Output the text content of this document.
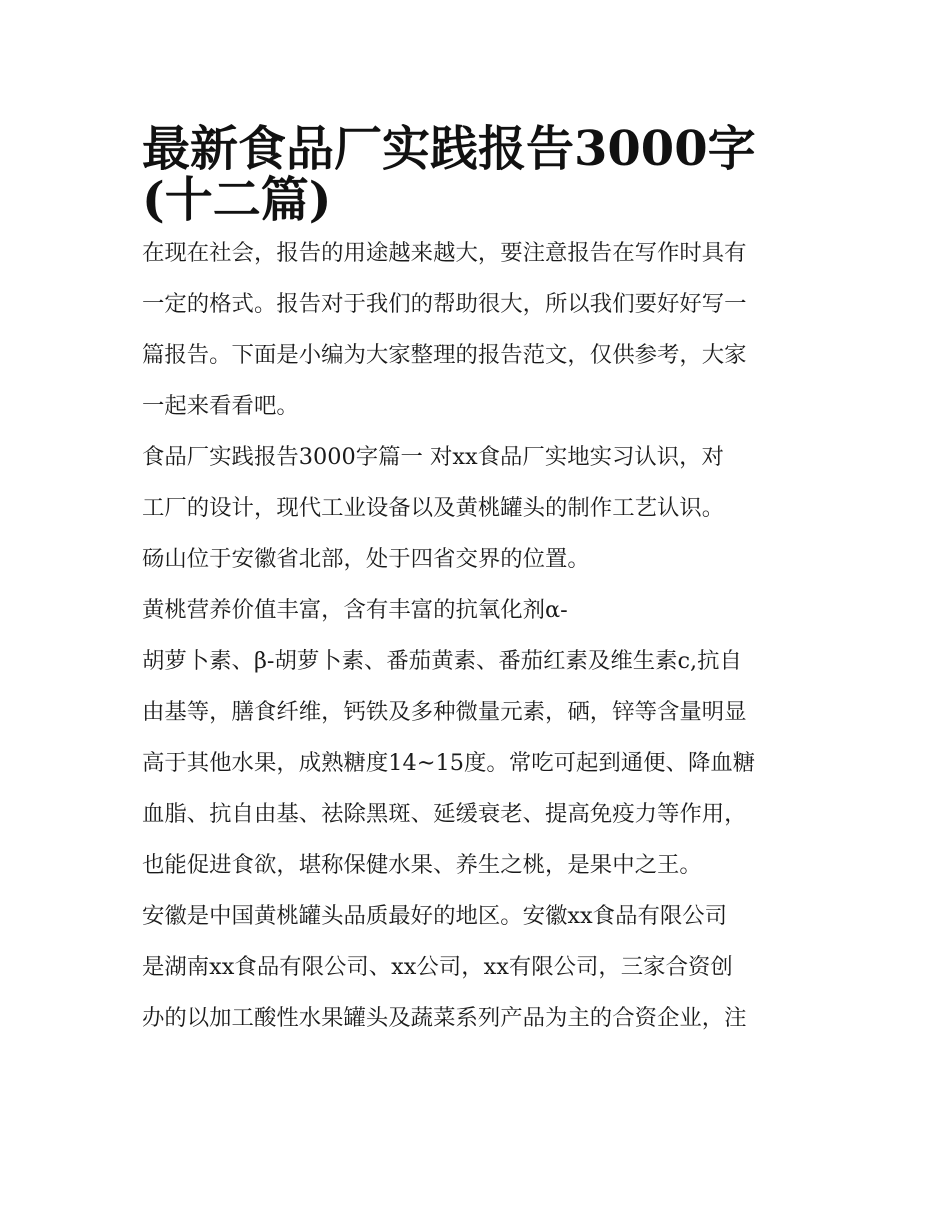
最新食品厂实践报告3000字
(十二篇)

在现在社会，报告的用途越来越大，要注意报告在写作时具有
一定的格式。报告对于我们的帮助很大，所以我们要好好写一
篇报告。下面是小编为大家整理的报告范文，仅供参考，大家
一起来看看吧。

食品厂实践报告3000字篇一 对xx食品厂实地实习认识，对
工厂的设计，现代工业设备以及黄桃罐头的制作工艺认识。

砀山位于安徽省北部，处于四省交界的位置。

黄桃营养价值丰富，含有丰富的抗氧化剂α-

胡萝卜素、β-胡萝卜素、番茄黄素、番茄红素及维生素c,抗自
由基等，膳食纤维，钙铁及多种微量元素，硒，锌等含量明显
高于其他水果，成熟糖度14~15度。常吃可起到通便、降血糖
血脂、抗自由基、祛除黑斑、延缓衰老、提高免疫力等作用，
也能促进食欲，堪称保健水果、养生之桃，是果中之王。

安徽是中国黄桃罐头品质最好的地区。安徽xx食品有限公司
是湖南xx食品有限公司、xx公司，xx有限公司，三家合资创
办的以加工酸性水果罐头及蔬菜系列产品为主的合资企业，注
